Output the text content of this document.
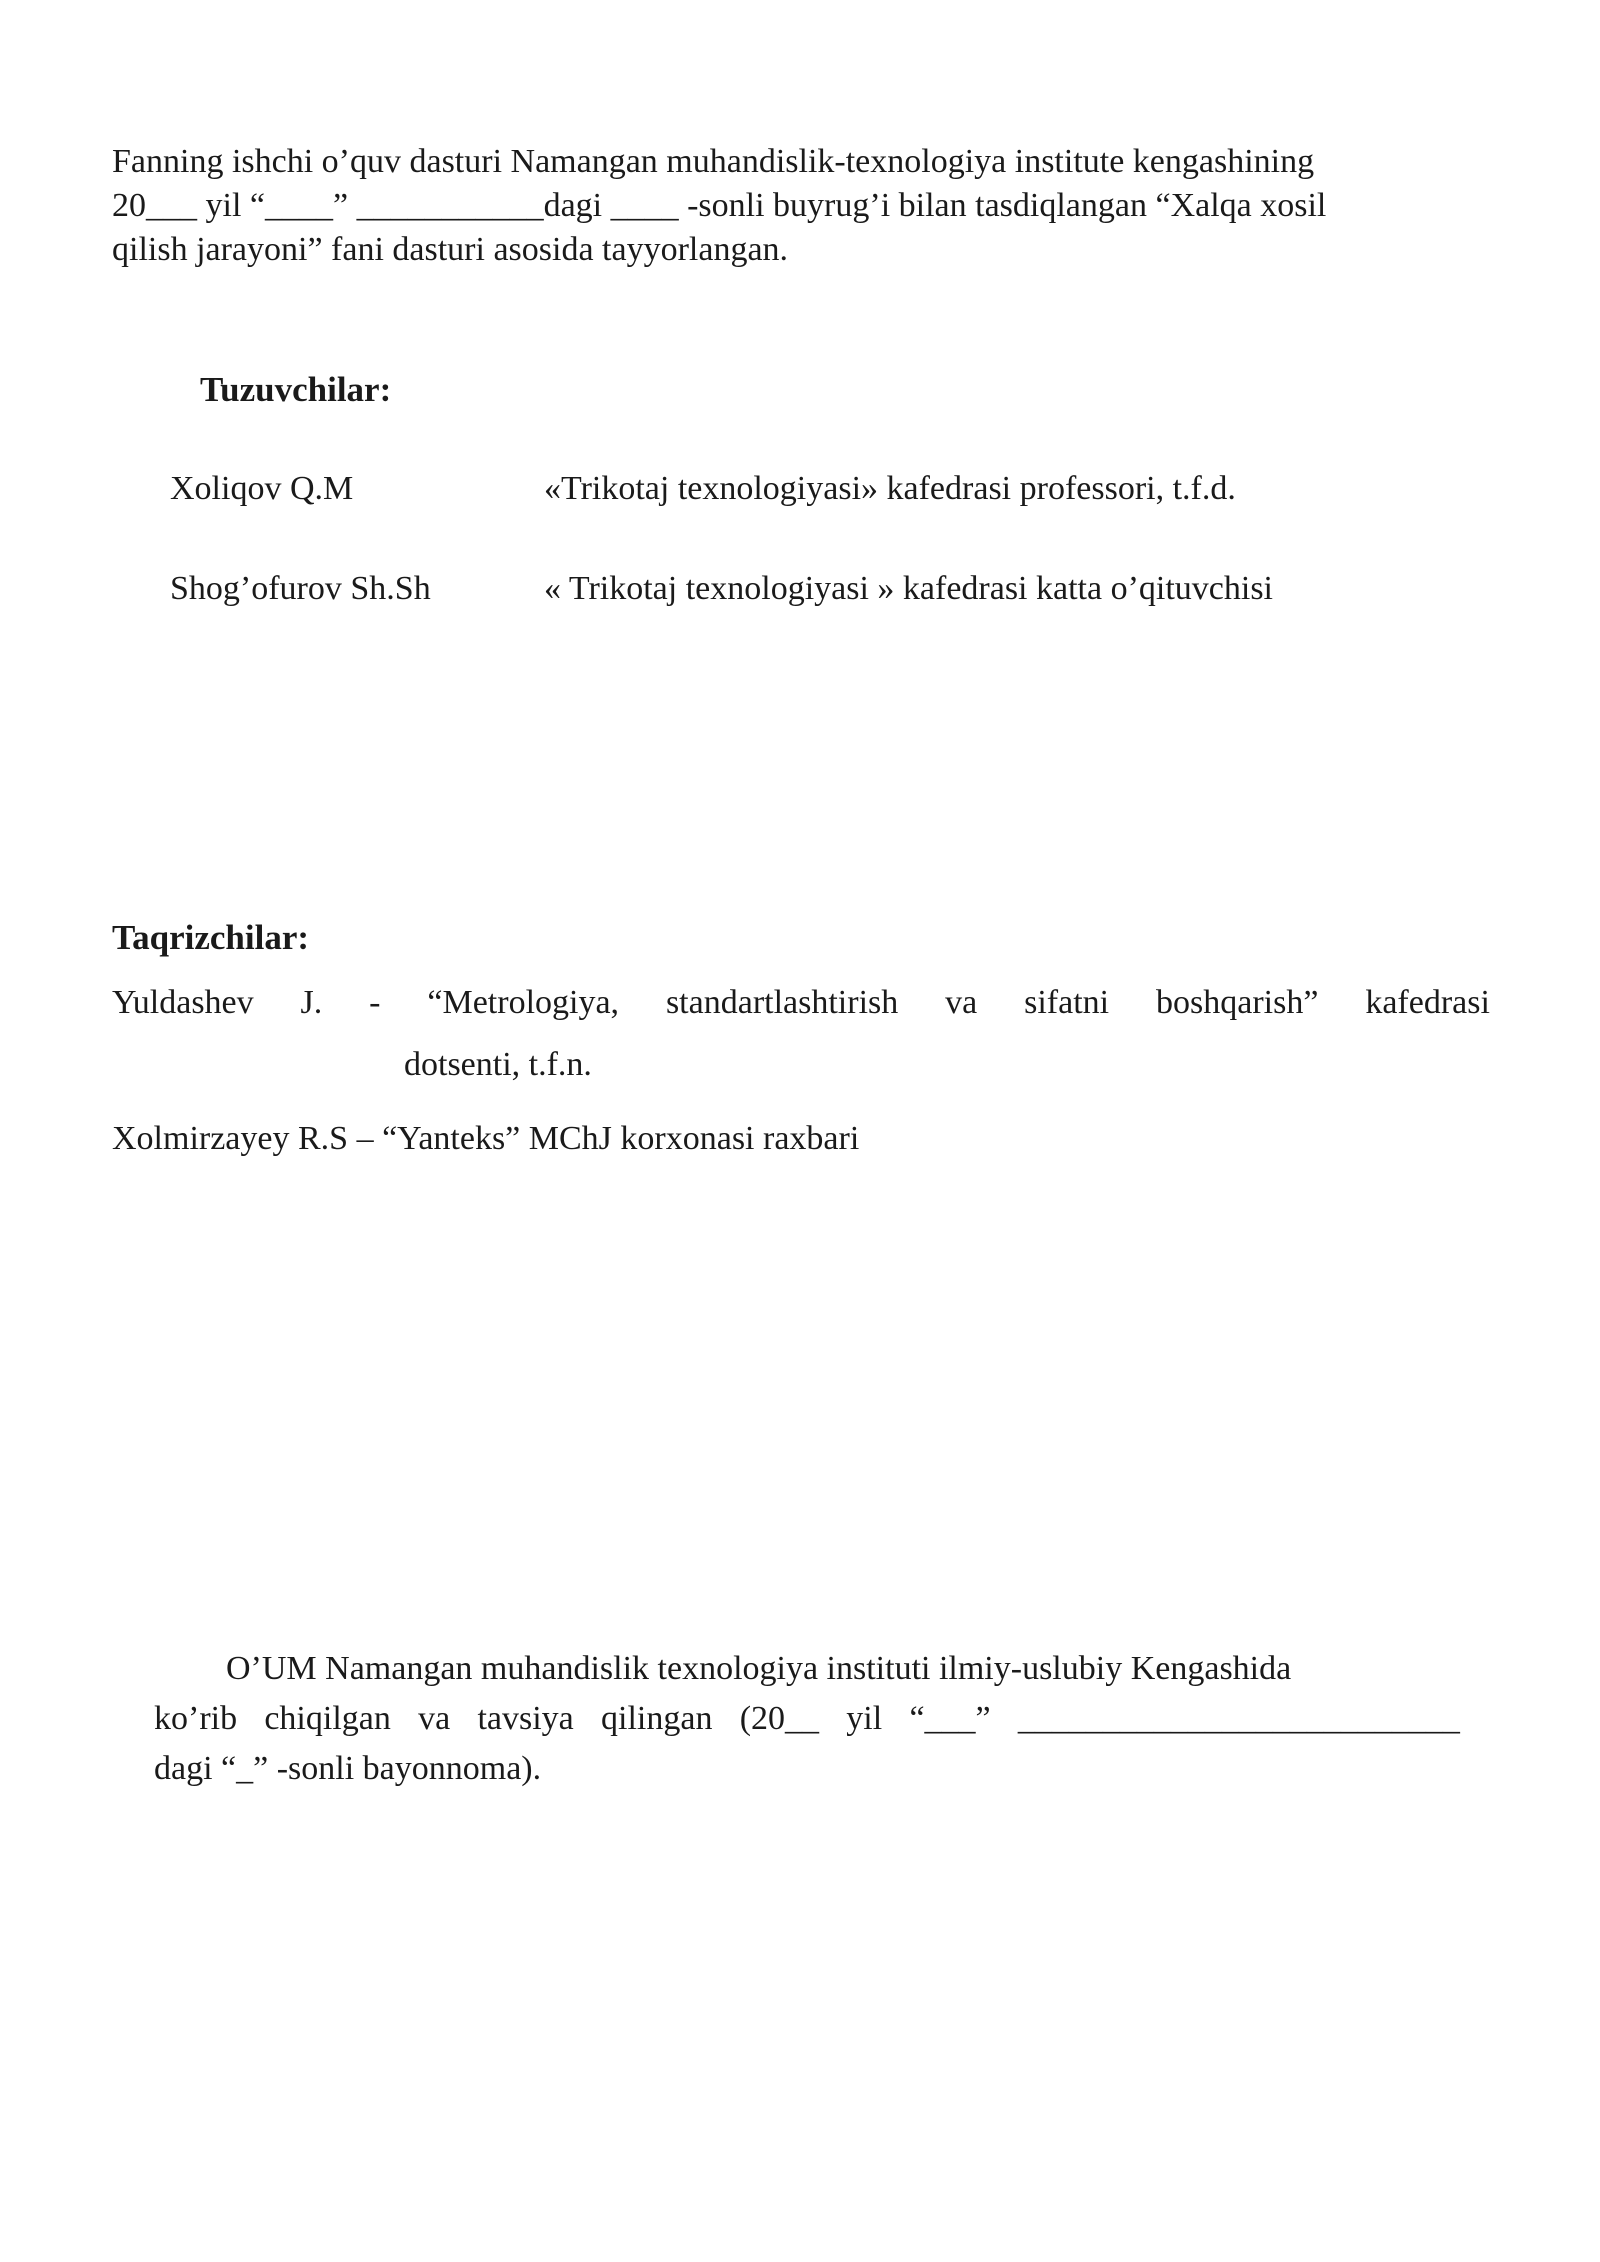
Fanning ishchi o’quv dasturi Namangan muhandislik-texnologiya institute kengashining
20___ yil “____” ___________dagi ____ -sonli buyrug’i bilan tasdiqlangan “Xalqa xosil
qilish jarayoni” fani dasturi asosida tayyorlangan.
Tuzuvchilar:
Xoliqov Q.M	«Trikotaj texnologiyasi» kafedrasi professori, t.f.d.
Shog’ofurov Sh.Sh	« Trikotaj texnologiyasi » kafedrasi katta o’qituvchisi
Taqrizchilar:
Yuldashev J. - “Metrologiya, standartlashtirish va sifatni boshqarish” kafedrasi
dotsenti, t.f.n.
Xolmirzayey R.S – “Yanteks” MChJ korxonasi raxbari
O’UM Namangan muhandislik texnologiya instituti ilmiy-uslubiy Kengashida
ko’rib chiqilgan va tavsiya qilingan (20__ yil “___” __________________________
dagi “_” -sonli bayonnoma).
